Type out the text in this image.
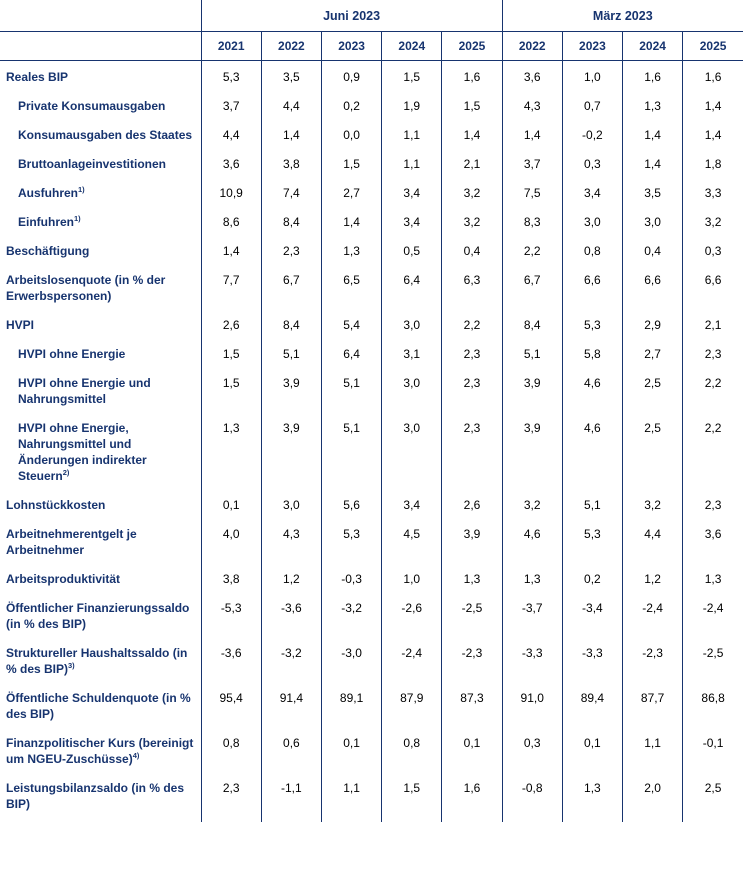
	Juni 2023					März 2023			
	2021	2022	2023	2024	2025	2022	2023	2024	2025
Reales BIP	5,3	3,5	0,9	1,5	1,6	3,6	1,0	1,6	1,6
Private Konsumausgaben	3,7	4,4	0,2	1,9	1,5	4,3	0,7	1,3	1,4
Konsumausgaben des Staates	4,4	1,4	0,0	1,1	1,4	1,4	-0,2	1,4	1,4
Bruttoanlageinvestitionen	3,6	3,8	1,5	1,1	2,1	3,7	0,3	1,4	1,8
Ausfuhren$^{1)}$	10,9	7,4	2,7	3,4	3,2	7,5	3,4	3,5	3,3
Einfuhren$^{1)}$	8,6	8,4	1,4	3,4	3,2	8,3	3,0	3,0	3,2
Beschäftigung	1,4	2,3	1,3	0,5	0,4	2,2	0,8	0,4	0,3
Arbeitslosenquote (in % der Erwerbspersonen)	7,7	6,7	6,5	6,4	6,3	6,7	6,6	6,6	6,6
HVPI	2,6	8,4	5,4	3,0	2,2	8,4	5,3	2,9	2,1
HVPI ohne Energie	1,5	5,1	6,4	3,1	2,3	5,1	5,8	2,7	2,3
HVPI ohne Energie und Nahrungsmittel	1,5	3,9	5,1	3,0	2,3	3,9	4,6	2,5	2,2
HVPI ohne Energie, Nahrungsmittel und Änderungen indirekter Steuern$^{2)}$	1,3	3,9	5,1	3,0	2,3	3,9	4,6	2,5	2,2
Lohnstückkosten	0,1	3,0	5,6	3,4	2,6	3,2	5,1	3,2	2,3
Arbeitnehmerentgelt je Arbeitnehmer	4,0	4,3	5,3	4,5	3,9	4,6	5,3	4,4	3,6
Arbeitsproduktivität	3,8	1,2	-0,3	1,0	1,3	1,3	0,2	1,2	1,3
Öffentlicher Finanzierungssaldo (in % des BIP)	-5,3	-3,6	-3,2	-2,6	-2,5	-3,7	-3,4	-2,4	-2,4
Struktureller Haushaltssaldo (in % des BIP)$^{3)}$	-3,6	-3,2	-3,0	-2,4	-2,3	-3,3	-3,3	-2,3	-2,5
Öffentliche Schuldenquote (in % des BIP)	95,4	91,4	89,1	87,9	87,3	91,0	89,4	87,7	86,8
Finanzpolitischer Kurs (bereinigt um NGEU-Zuschüsse)$^{4)}$	0,8	0,6	0,1	0,8	0,1	0,3	0,1	1,1	-0,1
Leistungsbilanzsaldo (in % des BIP)	2,3	-1,1	1,1	1,5	1,6	-0,8	1,3	2,0	2,5
